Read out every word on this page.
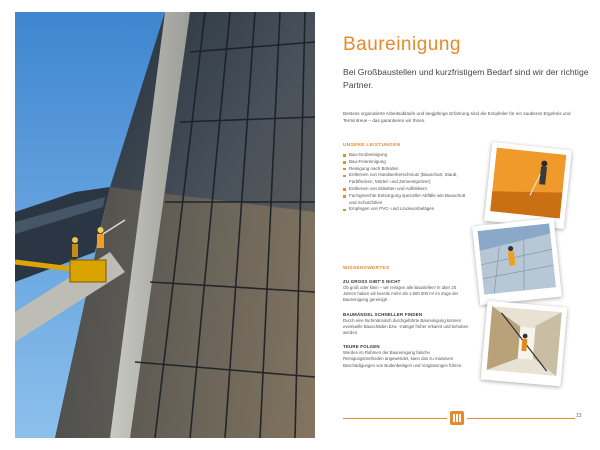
Baureinigung
Bei Großbaustellen und kurzfristigem Bedarf sind wir der richtige Partner.
Bestens organisierte Arbeitsabläufe und langjährige Erfahrung sind die Eckpfeiler für ein sauberes Ergebnis und Termintreue – das garantieren wir Ihnen.
UNSERE LEISTUNGEN
Bau-Grobreinigung
Bau-Feinreinigung
Reinigung nach Bränden
Entfernen von Handwerkerschmutz (Bauschutt, Staub, Farbflecken, Mörtel- und Zementspritzer)
Entfernen von Etiketten und Aufklebern
Fachgerechte Entsorgung spezieller Abfälle wie Bauschutt und Schutzfolien
Empfegen von PVC- und Linoleumbelägen
WISSENSWERTES
ZU GROSS GIBT'S NICHT
Ob groß oder klein – wir reinigen alle Baustellen! In über 20 Jahren haben wir bereits mehr als 1.600.000 m² im Zuge der Baureinigung gereinigt!
BAUMÄNGEL SCHNELLER FINDEN
Durch eine fachmännisch durchgeführte Baureinigung können eventuelle Bauschäden bzw. -mängel früher erkannt und behoben werden.
TEURE FOLGEN
Werden im Rahmen der Baureinigung falsche Reinigungsmethoden angewendet, kann das zu massiven Beschädigungen von Bodenbelägen und Vorglasungen führen.
13
